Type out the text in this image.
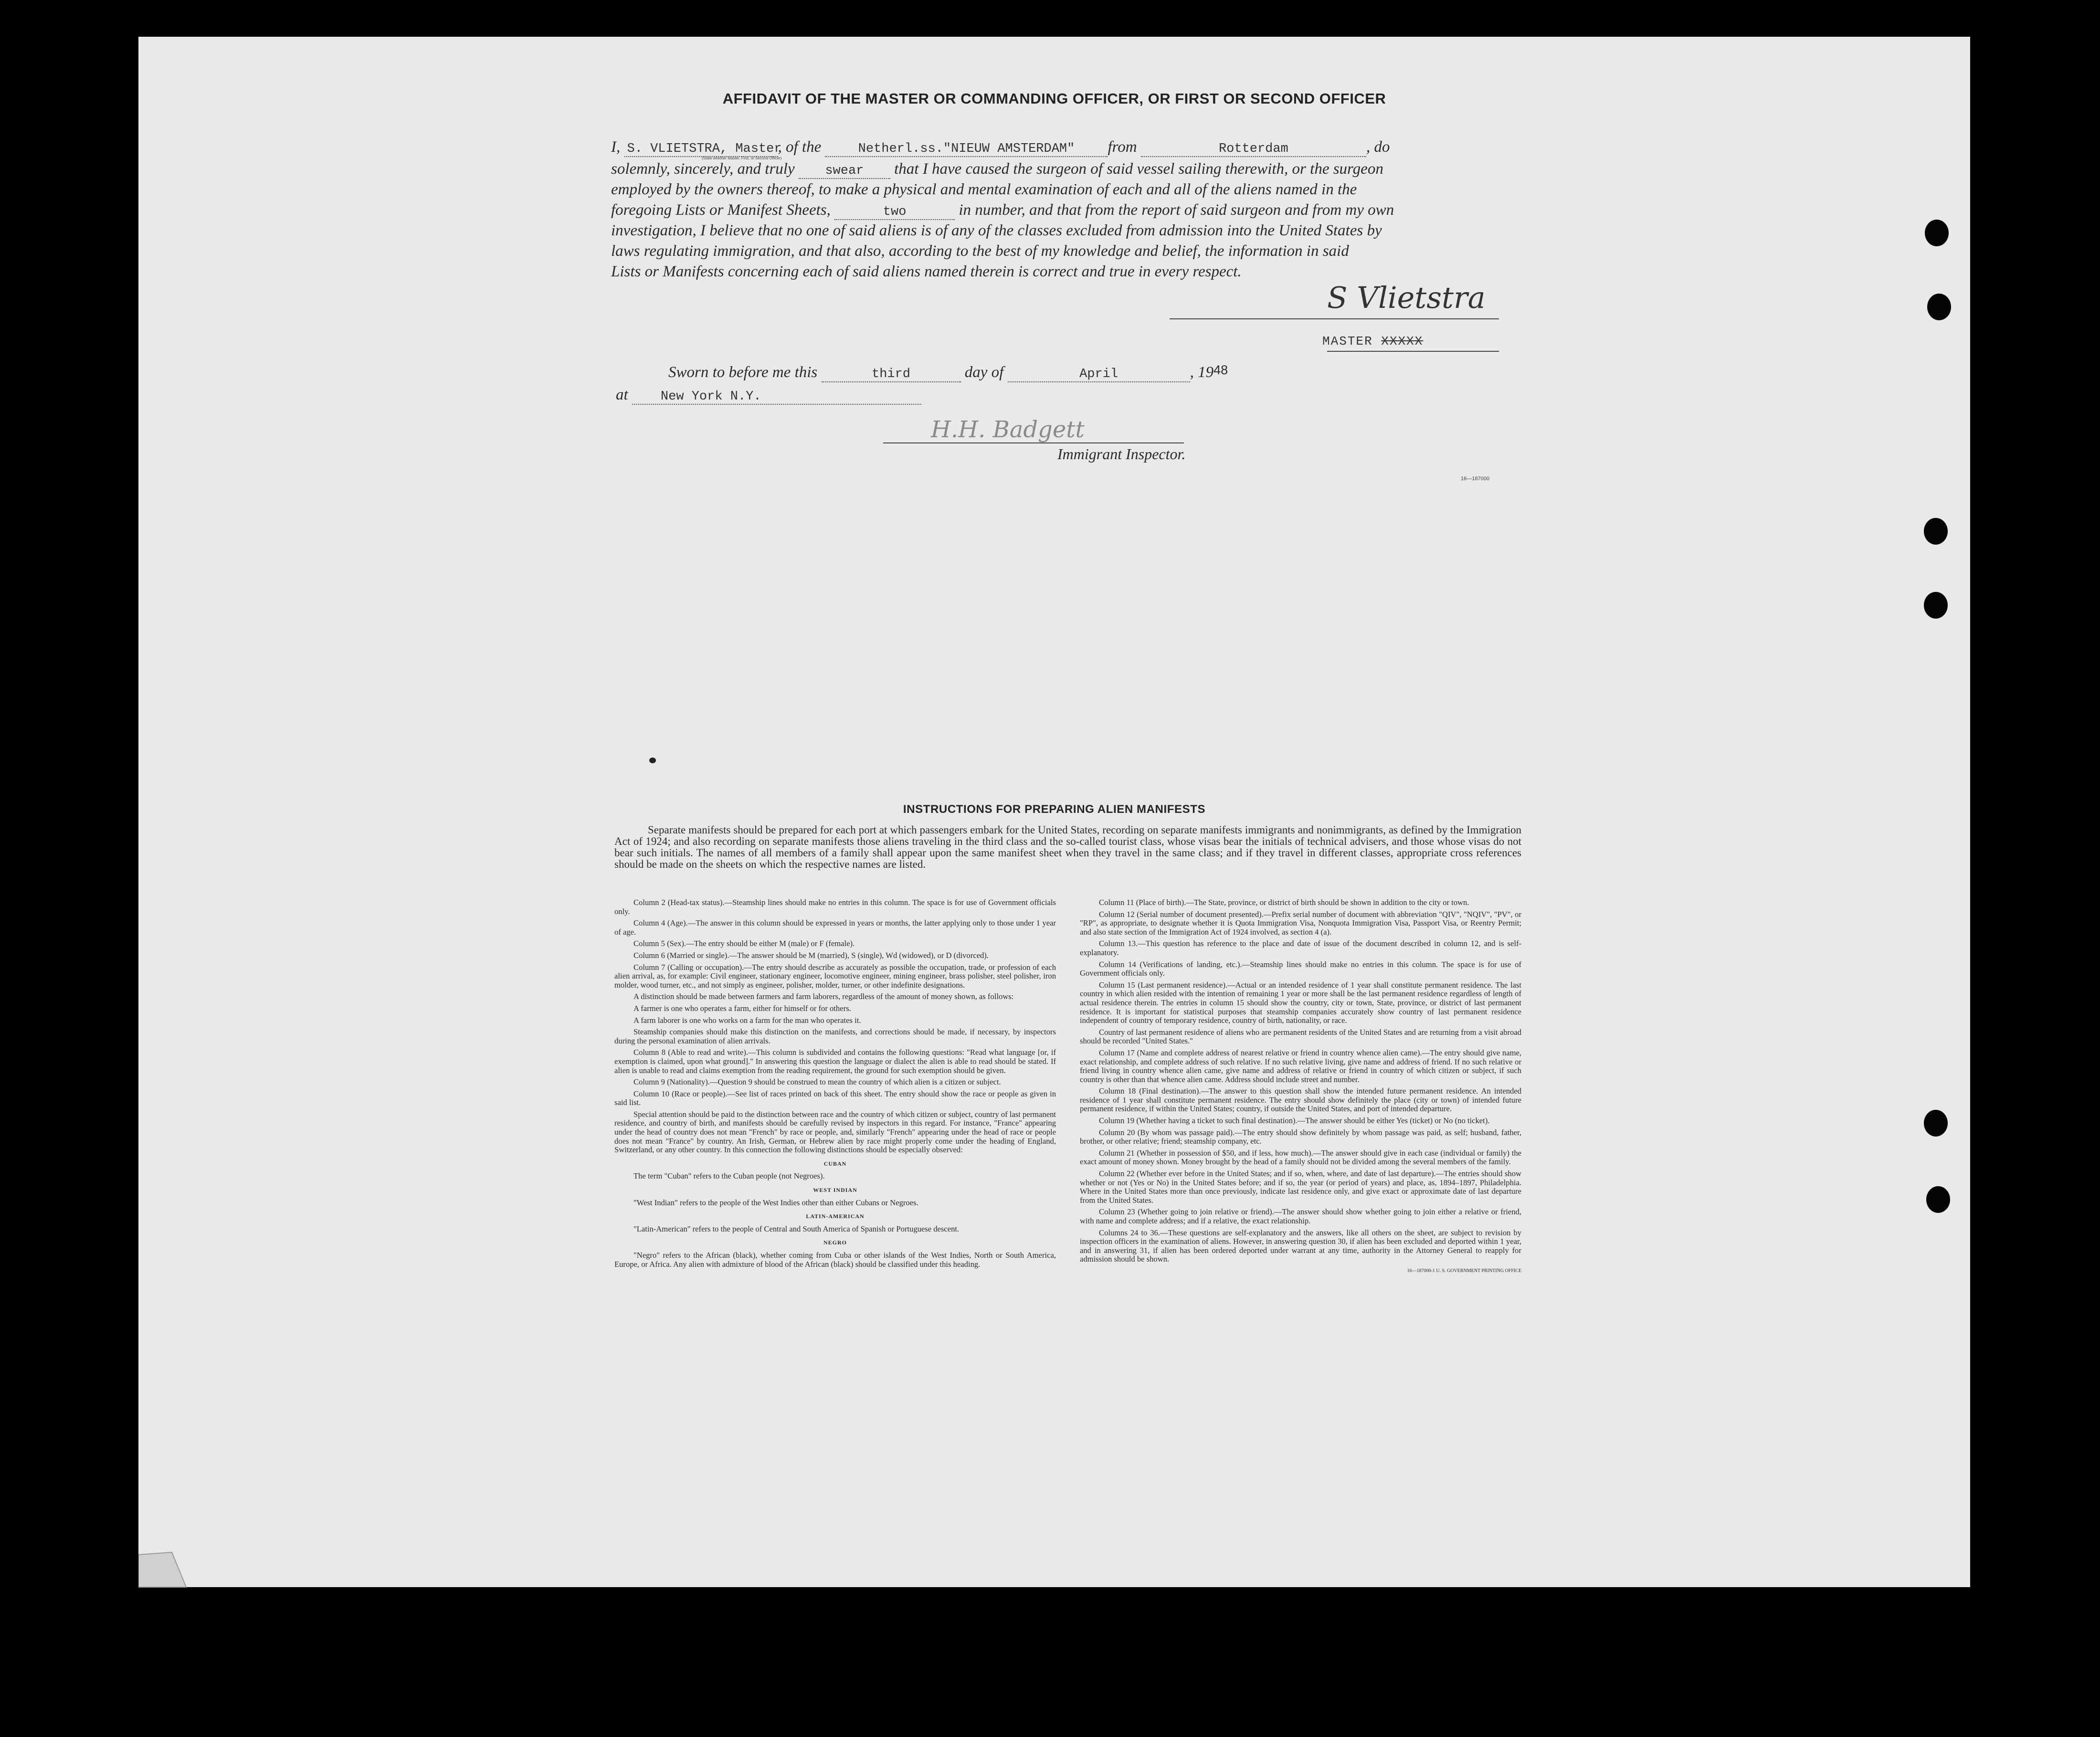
AFFIDAVIT OF THE MASTER OR COMMANDING OFFICER, OR FIRST OR SECOND OFFICER
I, S. VLIETSTRA, Master, of the	Netherl.ss."NIEUW AMSTERDAM" from	Rotterdam	, do
(State whether Master, First, or Second Officer)
solemnly, sincerely, and truly swear that I have caused the surgeon of said vessel sailing therewith, or the surgeon
employed by the owners thereof, to make a physical and mental examination of each and all of the aliens named in the
foregoing Lists or Manifest Sheets,	two	in number, and that from the report of said surgeon and from my own
investigation, I believe that no one of said aliens is of any of the classes excluded from admission into the United States by
laws regulating immigration, and that also, according to the best of my knowledge and belief, the information in said
Lists or Manifests concerning each of said aliens named therein is correct and true in every respect.
S Vlietstra
MASTER XXXXX
Sworn to before me this	third	day of	April	, 1948
at	New York N.Y.
H.H. Badgett
Immigrant Inspector.
16—187000
INSTRUCTIONS FOR PREPARING ALIEN MANIFESTS
Separate manifests should be prepared for each port at which passengers embark for the United States, recording on separate manifests immigrants and nonimmigrants, as defined by the Immigration Act of 1924; and also recording on separate manifests those aliens traveling in the third class and the so-called tourist class, whose visas bear the initials of technical advisers, and those whose visas do not bear such initials. The names of all members of a family shall appear upon the same manifest sheet when they travel in the same class; and if they travel in different classes, appropriate cross references should be made on the sheets on which the respective names are listed.

Column 2 (Head-tax status).—Steamship lines should make no entries in this column. The space is for use of Government officials only.

Column 4 (Age).—The answer in this column should be expressed in years or months, the latter applying only to those under 1 year of age.

Column 5 (Sex).—The entry should be either M (male) or F (female).

Column 6 (Married or single).—The answer should be M (married), S (single), Wd (widowed), or D (divorced).

Column 7 (Calling or occupation).—The entry should describe as accurately as possible the occupation, trade, or profession of each alien arrival, as, for example: Civil engineer, stationary engineer, locomotive engineer, mining engineer, brass polisher, steel polisher, iron molder, wood turner, etc., and not simply as engineer, polisher, molder, turner, or other indefinite designations.

A distinction should be made between farmers and farm laborers, regardless of the amount of money shown, as follows:

A farmer is one who operates a farm, either for himself or for others.

A farm laborer is one who works on a farm for the man who operates it.

Steamship companies should make this distinction on the manifests, and corrections should be made, if necessary, by inspectors during the personal examination of alien arrivals.

Column 8 (Able to read and write).—This column is subdivided and contains the following questions: "Read what language [or, if exemption is claimed, upon what ground]." In answering this question the language or dialect the alien is able to read should be stated. If alien is unable to read and claims exemption from the reading requirement, the ground for such exemption should be given.

Column 9 (Nationality).—Question 9 should be construed to mean the country of which alien is a citizen or subject.

Column 10 (Race or people).—See list of races printed on back of this sheet. The entry should show the race or people as given in said list.

Special attention should be paid to the distinction between race and the country of which citizen or subject, country of last permanent residence, and country of birth, and manifests should be carefully revised by inspectors in this regard. For instance, "France" appearing under the head of country does not mean "French" by race or people, and, similarly "French" appearing under the head of race or people does not mean "France" by country. An Irish, German, or Hebrew alien by race might properly come under the heading of England, Switzerland, or any other country. In this connection the following distinctions should be especially observed:

CUBAN

The term "Cuban" refers to the Cuban people (not Negroes).

WEST INDIAN

"West Indian" refers to the people of the West Indies other than either Cubans or Negroes.

LATIN-AMERICAN

"Latin-American" refers to the people of Central and South America of Spanish or Portuguese descent.

NEGRO

"Negro" refers to the African (black), whether coming from Cuba or other islands of the West Indies, North or South America, Europe, or Africa. Any alien with admixture of blood of the African (black) should be classified under this heading.

Column 11 (Place of birth).—The State, province, or district of birth should be shown in addition to the city or town.

Column 12 (Serial number of document presented).—Prefix serial number of document with abbreviation "QIV", "NQIV", "PV", or "RP", as appropriate, to designate whether it is Quota Immigration Visa, Nonquota Immigration Visa, Passport Visa, or Reentry Permit; and also state section of the Immigration Act of 1924 involved, as section 4 (a).

Column 13.—This question has reference to the place and date of issue of the document described in column 12, and is self-explanatory.

Column 14 (Verifications of landing, etc.).—Steamship lines should make no entries in this column. The space is for use of Government officials only.

Column 15 (Last permanent residence).—Actual or an intended residence of 1 year shall constitute permanent residence. The last country in which alien resided with the intention of remaining 1 year or more shall be the last permanent residence regardless of length of actual residence therein. The entries in column 15 should show the country, city or town, State, province, or district of last permanent residence. It is important for statistical purposes that steamship companies accurately show country of last permanent residence independent of country of temporary residence, country of birth, nationality, or race.

Country of last permanent residence of aliens who are permanent residents of the United States and are returning from a visit abroad should be recorded "United States."

Column 17 (Name and complete address of nearest relative or friend in country whence alien came).—The entry should give name, exact relationship, and complete address of such relative. If no such relative living, give name and address of friend. If no such relative or friend living in country whence alien came, give name and address of relative or friend in country of which citizen or subject, if such country is other than that whence alien came. Address should include street and number.

Column 18 (Final destination).—The answer to this question shall show the intended future permanent residence. An intended residence of 1 year shall constitute permanent residence. The entry should show definitely the place (city or town) of intended future permanent residence, if within the United States; country, if outside the United States, and port of intended departure.

Column 19 (Whether having a ticket to such final destination).—The answer should be either Yes (ticket) or No (no ticket).

Column 20 (By whom was passage paid).—The entry should show definitely by whom passage was paid, as self; husband, father, brother, or other relative; friend; steamship company, etc.

Column 21 (Whether in possession of $50, and if less, how much).—The answer should give in each case (individual or family) the exact amount of money shown. Money brought by the head of a family should not be divided among the several members of the family.

Column 22 (Whether ever before in the United States; and if so, when, where, and date of last departure).—The entries should show whether or not (Yes or No) in the United States before; and if so, the year (or period of years) and place, as, 1894–1897, Philadelphia. Where in the United States more than once previously, indicate last residence only, and give exact or approximate date of last departure from the United States.

Column 23 (Whether going to join relative or friend).—The answer should show whether going to join either a relative or friend, with name and complete address; and if a relative, the exact relationship.

Columns 24 to 36.—These questions are self-explanatory and the answers, like all others on the sheet, are subject to revision by inspection officers in the examination of aliens. However, in answering question 30, if alien has been excluded and deported within 1 year, and in answering 31, if alien has been ordered deported under warrant at any time, authority in the Attorney General to reapply for admission should be shown.

16—187000-1 U. S. GOVERNMENT PRINTING OFFICE
